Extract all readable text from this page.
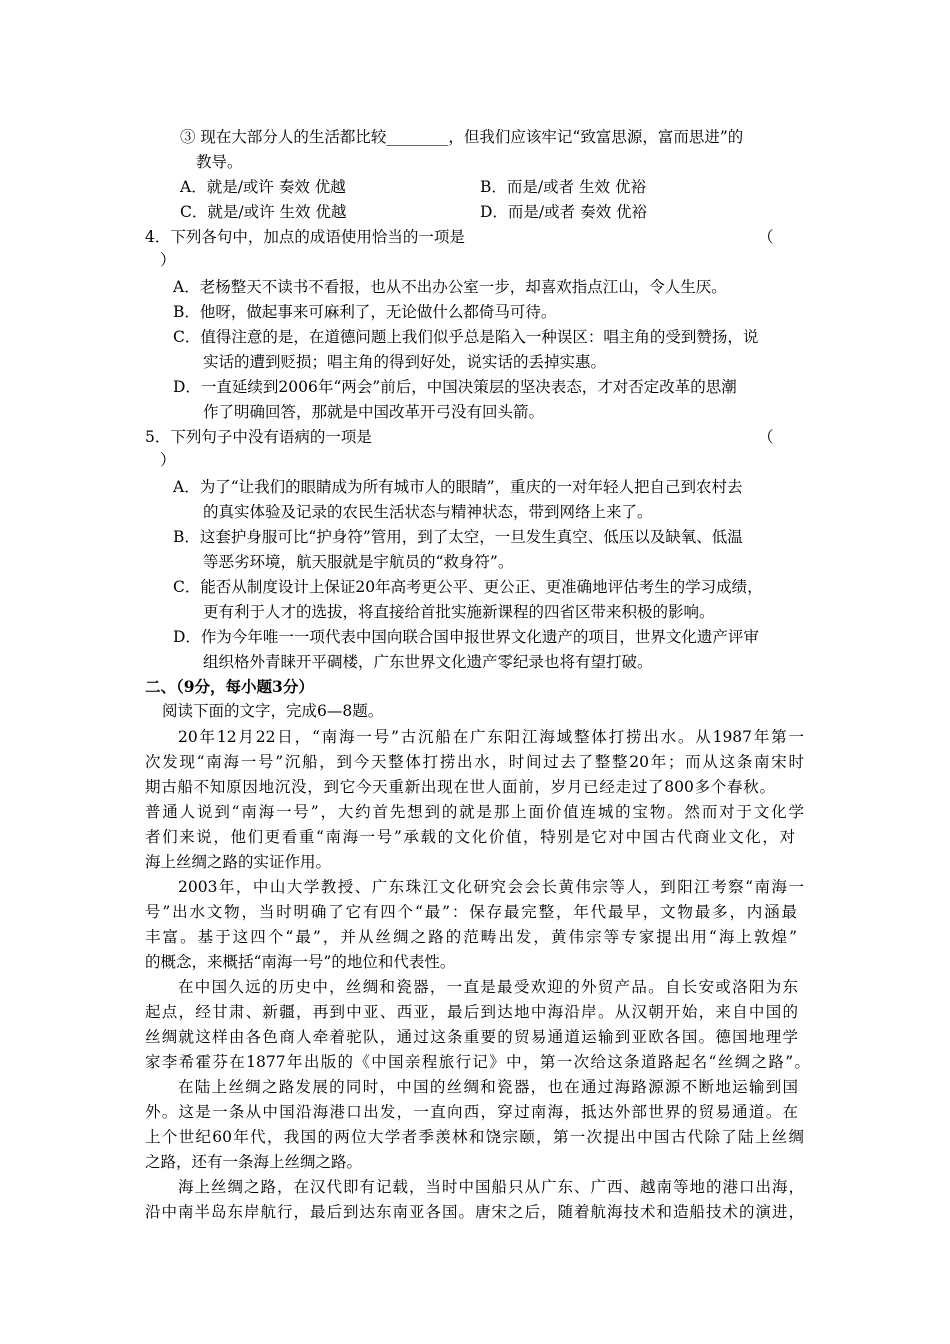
③ 现在大部分人的生活都比较________，但我们应该牢记“致富思源，富而思进”的
教导。
A．就是/或许 奏效 优越	B．而是/或者 生效 优裕
C．就是/或许 生效 优越	D．而是/或者 奏效 优裕
4．下列各句中，加点的成语使用恰当的一项是	（
）
A．老杨整天不读书不看报，也从不出办公室一步，却喜欢指点江山，令人生厌。
B．他呀，做起事来可麻利了，无论做什么都倚马可待。
C．值得注意的是，在道德问题上我们似乎总是陷入一种误区：唱主角的受到赞扬，说
实话的遭到贬损；唱主角的得到好处，说实话的丢掉实惠。
D．一直延续到2006年“两会”前后，中国决策层的坚决表态，才对否定改革的思潮
作了明确回答，那就是中国改革开弓没有回头箭。
5．下列句子中没有语病的一项是	（
）
A．为了“让我们的眼睛成为所有城市人的眼睛”，重庆的一对年轻人把自己到农村去
的真实体验及记录的农民生活状态与精神状态，带到网络上来了。
B．这套护身服可比“护身符”管用，到了太空，一旦发生真空、低压以及缺氧、低温
等恶劣环境，航天服就是宇航员的“救身符”。
C．能否从制度设计上保证20年高考更公平、更公正、更准确地评估考生的学习成绩，
更有利于人才的选拔，将直接给首批实施新课程的四省区带来积极的影响。
D．作为今年唯一一项代表中国向联合国申报世界文化遗产的项目，世界文化遗产评审
组织格外青睐开平碉楼，广东世界文化遗产零纪录也将有望打破。
二、（9分，每小题3分）
阅读下面的文字，完成6—8题。
20年12月22日，“南海一号”古沉船在广东阳江海域整体打捞出水。从1987年第一
次发现“南海一号”沉船，到今天整体打捞出水，时间过去了整整20年；而从这条南宋时
期古船不知原因地沉没，到它今天重新出现在世人面前，岁月已经走过了800多个春秋。
普通人说到“南海一号”，大约首先想到的就是那上面价值连城的宝物。然而对于文化学
者们来说，他们更看重“南海一号”承载的文化价值，特别是它对中国古代商业文化，对
海上丝绸之路的实证作用。
2003年，中山大学教授、广东珠江文化研究会会长黄伟宗等人，到阳江考察“南海一
号”出水文物，当时明确了它有四个“最”：保存最完整，年代最早，文物最多，内涵最
丰富。基于这四个“最”，并从丝绸之路的范畴出发，黄伟宗等专家提出用“海上敦煌”
的概念，来概括“南海一号”的地位和代表性。
在中国久远的历史中，丝绸和瓷器，一直是最受欢迎的外贸产品。自长安或洛阳为东
起点，经甘肃、新疆，再到中亚、西亚，最后到达地中海沿岸。从汉朝开始，来自中国的
丝绸就这样由各色商人牵着驼队，通过这条重要的贸易通道运输到亚欧各国。德国地理学
家李希霍芬在1877年出版的《中国亲程旅行记》中，第一次给这条道路起名“丝绸之路”。
在陆上丝绸之路发展的同时，中国的丝绸和瓷器，也在通过海路源源不断地运输到国
外。这是一条从中国沿海港口出发，一直向西，穿过南海，抵达外部世界的贸易通道。在
上个世纪60年代，我国的两位大学者季羡林和饶宗颐，第一次提出中国古代除了陆上丝绸
之路，还有一条海上丝绸之路。
海上丝绸之路，在汉代即有记载，当时中国船只从广东、广西、越南等地的港口出海，
沿中南半岛东岸航行，最后到达东南亚各国。唐宋之后，随着航海技术和造船技术的演进，
